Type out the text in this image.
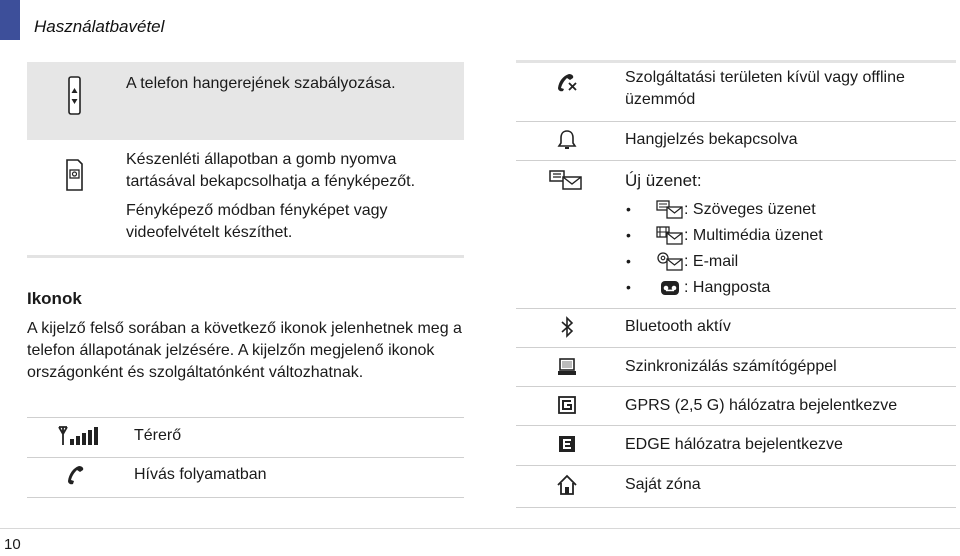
Használatbavétel
A telefon hangerejének szabályozása.
Készenléti állapotban a gomb nyomva tartásával bekapcsolhatja a fényképezőt.
Fényképező módban fényképet vagy videofelvételt készíthet.
Ikonok
A kijelző felső sorában a következő ikonok jelenhetnek meg a telefon állapotának jelzésére. A kijelzőn megjelenő ikonok országonként és szolgáltatónként változhatnak.
Térerő
Hívás folyamatban
Szolgáltatási területen kívül vagy offline üzemmód
Hangjelzés bekapcsolva
Új üzenet:
•	: Szöveges üzenet
•	: Multimédia üzenet
•	: E-mail
•	: Hangposta
Bluetooth aktív
Szinkronizálás számítógéppel
GPRS (2,5 G) hálózatra bejelentkezve
EDGE hálózatra bejelentkezve
Saját zóna
10
